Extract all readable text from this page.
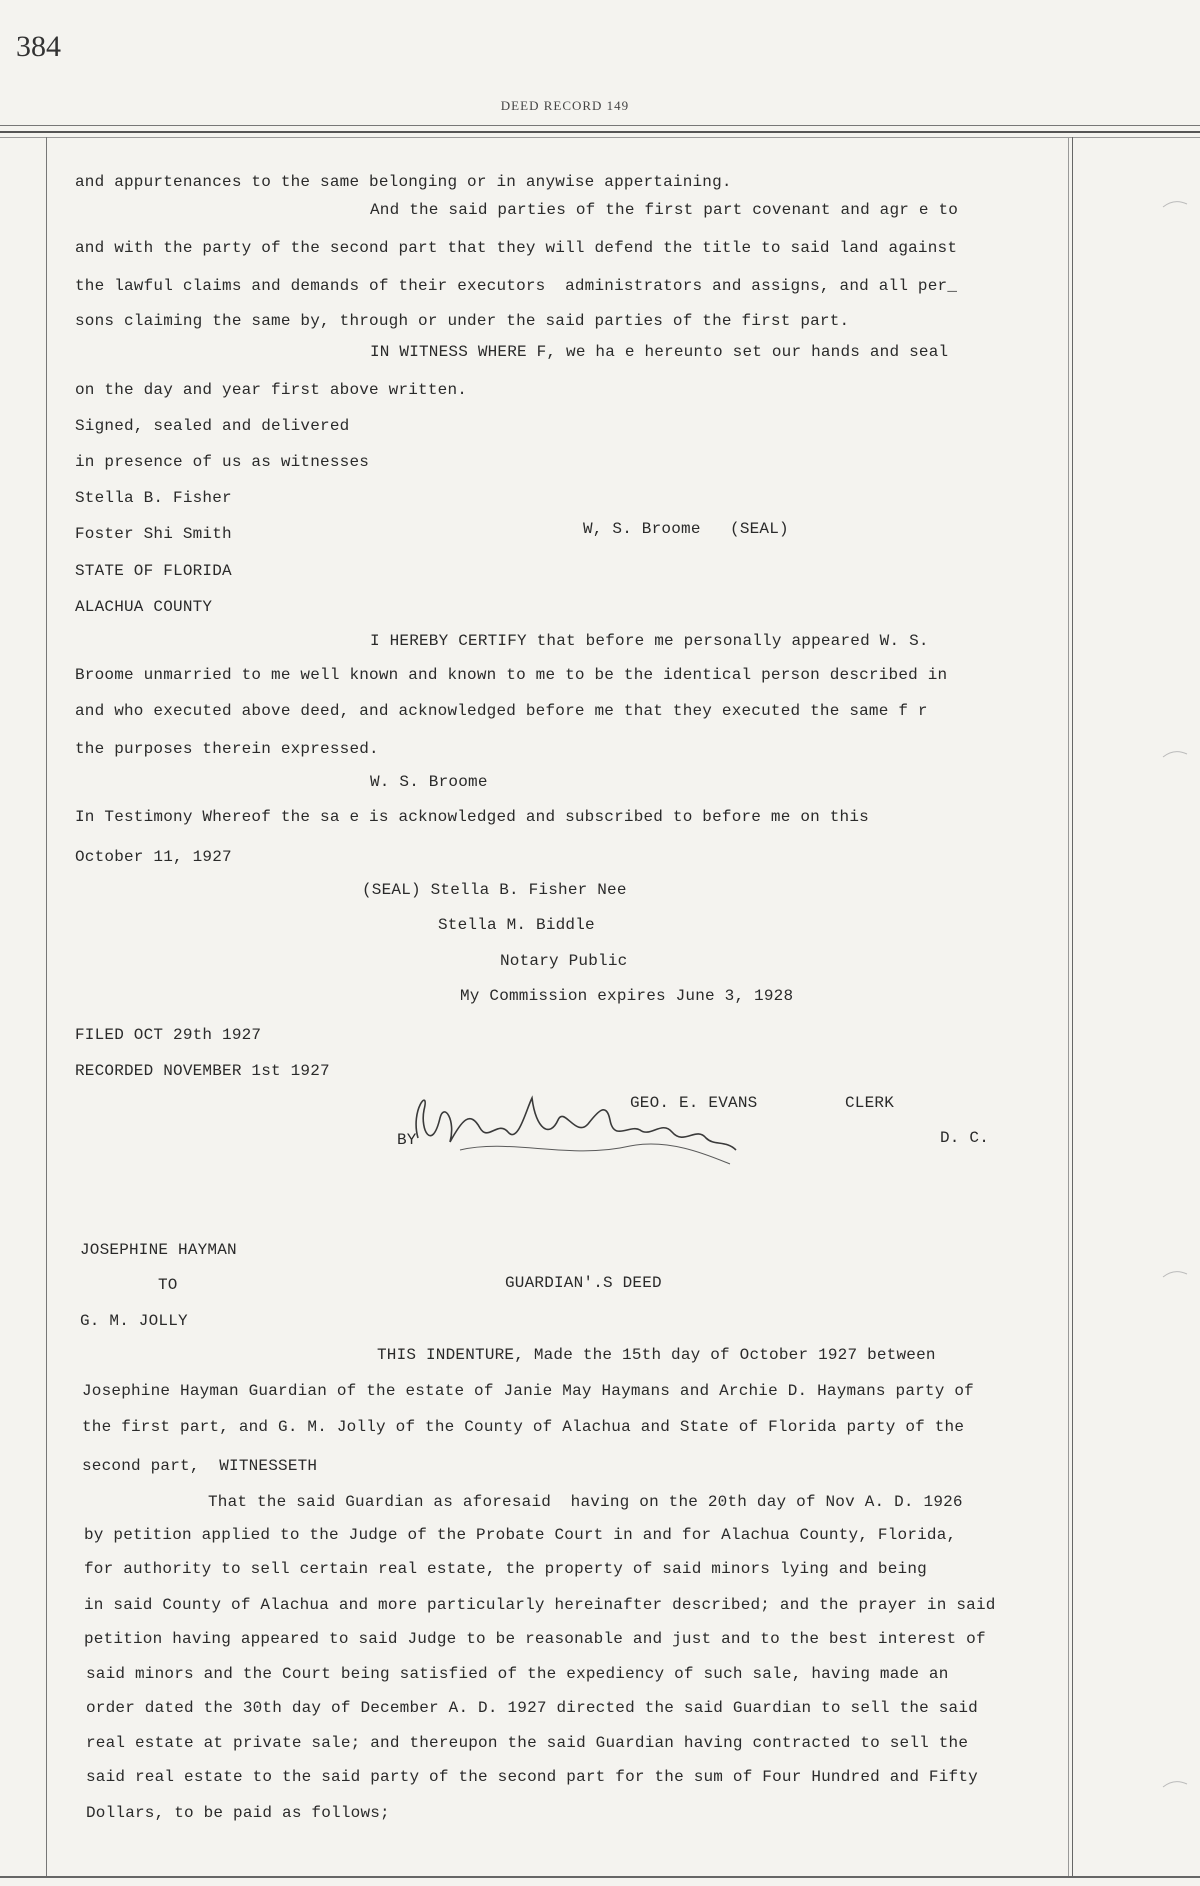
384
DEED RECORD 149
and appurtenances to the same belonging or in anywise appertaining.
And the said parties of the first part covenant and agr e to
and with the party of the second part that they will defend the title to said land against
the lawful claims and demands of their executors  administrators and assigns, and all per_
sons claiming the same by, through or under the said parties of the first part.
IN WITNESS WHERE F, we ha e hereunto set our hands and seal
on the day and year first above written.
Signed, sealed and delivered
in presence of us as witnesses
Stella B. Fisher
Foster Shi Smith	W, S. Broome   (SEAL)
STATE OF FLORIDA
ALACHUA COUNTY
I HEREBY CERTIFY that before me personally appeared W. S.
Broome unmarried to me well known and known to me to be the identical person described in
and who executed above deed, and acknowledged before me that they executed the same f r
the purposes therein expressed.
W. S. Broome
In Testimony Whereof the sa e is acknowledged and subscribed to before me on this
October 11, 1927
(SEAL) Stella B. Fisher Nee
Stella M. Biddle
Notary Public
My Commission expires June 3, 1928
FILED OCT 29th 1927
RECORDED NOVEMBER 1st 1927
GEO. E. EVANS	CLERK
BY	D. C.
JOSEPHINE HAYMAN
TO	GUARDIAN'.S DEED
G. M. JOLLY
THIS INDENTURE, Made the 15th day of October 1927 between
Josephine Hayman Guardian of the estate of Janie May Haymans and Archie D. Haymans party of
the first part, and G. M. Jolly of the County of Alachua and State of Florida party of the
second part,  WITNESSETH
That the said Guardian as aforesaid  having on the 20th day of Nov A. D. 1926
by petition applied to the Judge of the Probate Court in and for Alachua County, Florida,
for authority to sell certain real estate, the property of said minors lying and being
in said County of Alachua and more particularly hereinafter described; and the prayer in said
petition having appeared to said Judge to be reasonable and just and to the best interest of
said minors and the Court being satisfied of the expediency of such sale, having made an
order dated the 30th day of December A. D. 1927 directed the said Guardian to sell the said
real estate at private sale; and thereupon the said Guardian having contracted to sell the
said real estate to the said party of the second part for the sum of Four Hundred and Fifty
Dollars, to be paid as follows;
